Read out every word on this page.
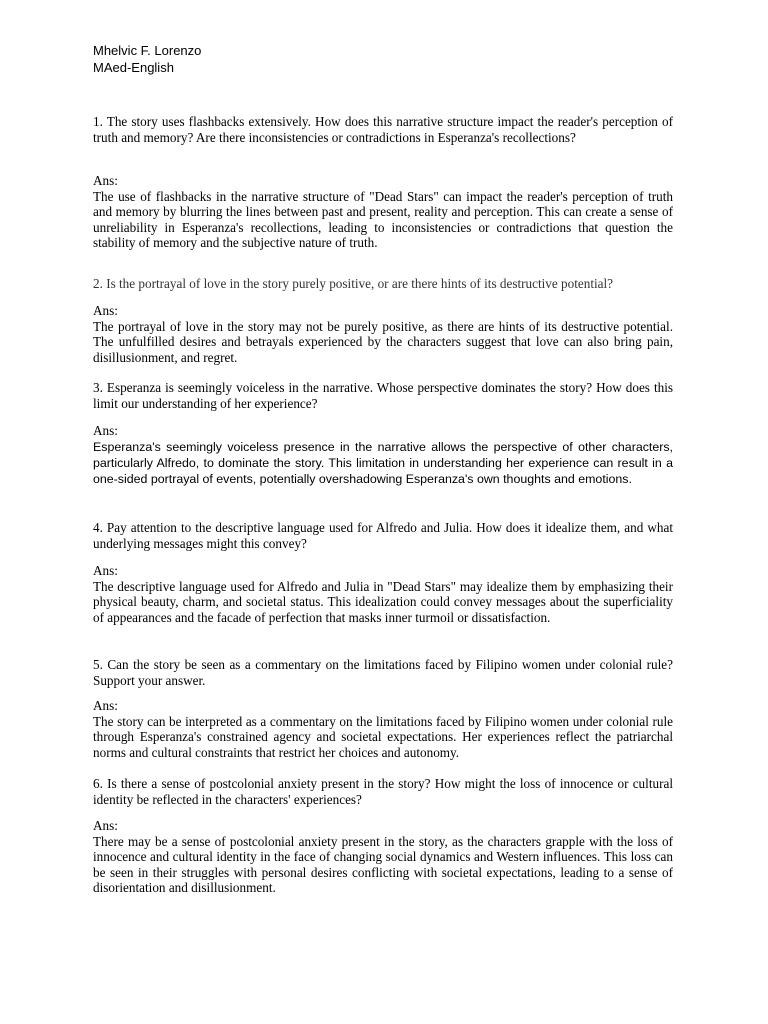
Mhelvic F. Lorenzo
MAed-English

1. The story uses flashbacks extensively. How does this narrative structure impact the reader's perception of truth and memory? Are there inconsistencies or contradictions in Esperanza's recollections?

Ans:
The use of flashbacks in the narrative structure of "Dead Stars" can impact the reader's perception of truth and memory by blurring the lines between past and present, reality and perception. This can create a sense of unreliability in Esperanza's recollections, leading to inconsistencies or contradictions that question the stability of memory and the subjective nature of truth.

2. Is the portrayal of love in the story purely positive, or are there hints of its destructive potential?

Ans:
The portrayal of love in the story may not be purely positive, as there are hints of its destructive potential. The unfulfilled desires and betrayals experienced by the characters suggest that love can also bring pain, disillusionment, and regret.

3. Esperanza is seemingly voiceless in the narrative. Whose perspective dominates the story? How does this limit our understanding of her experience?

Ans:
Esperanza's seemingly voiceless presence in the narrative allows the perspective of other characters, particularly Alfredo, to dominate the story. This limitation in understanding her experience can result in a one-sided portrayal of events, potentially overshadowing Esperanza's own thoughts and emotions.

4. Pay attention to the descriptive language used for Alfredo and Julia. How does it idealize them, and what underlying messages might this convey?

Ans:
The descriptive language used for Alfredo and Julia in "Dead Stars" may idealize them by emphasizing their physical beauty, charm, and societal status. This idealization could convey messages about the superficiality of appearances and the facade of perfection that masks inner turmoil or dissatisfaction.

5. Can the story be seen as a commentary on the limitations faced by Filipino women under colonial rule? Support your answer.

Ans:
The story can be interpreted as a commentary on the limitations faced by Filipino women under colonial rule through Esperanza's constrained agency and societal expectations. Her experiences reflect the patriarchal norms and cultural constraints that restrict her choices and autonomy.

6. Is there a sense of postcolonial anxiety present in the story? How might the loss of innocence or cultural identity be reflected in the characters' experiences?

Ans:
There may be a sense of postcolonial anxiety present in the story, as the characters grapple with the loss of innocence and cultural identity in the face of changing social dynamics and Western influences. This loss can be seen in their struggles with personal desires conflicting with societal expectations, leading to a sense of disorientation and disillusionment.
